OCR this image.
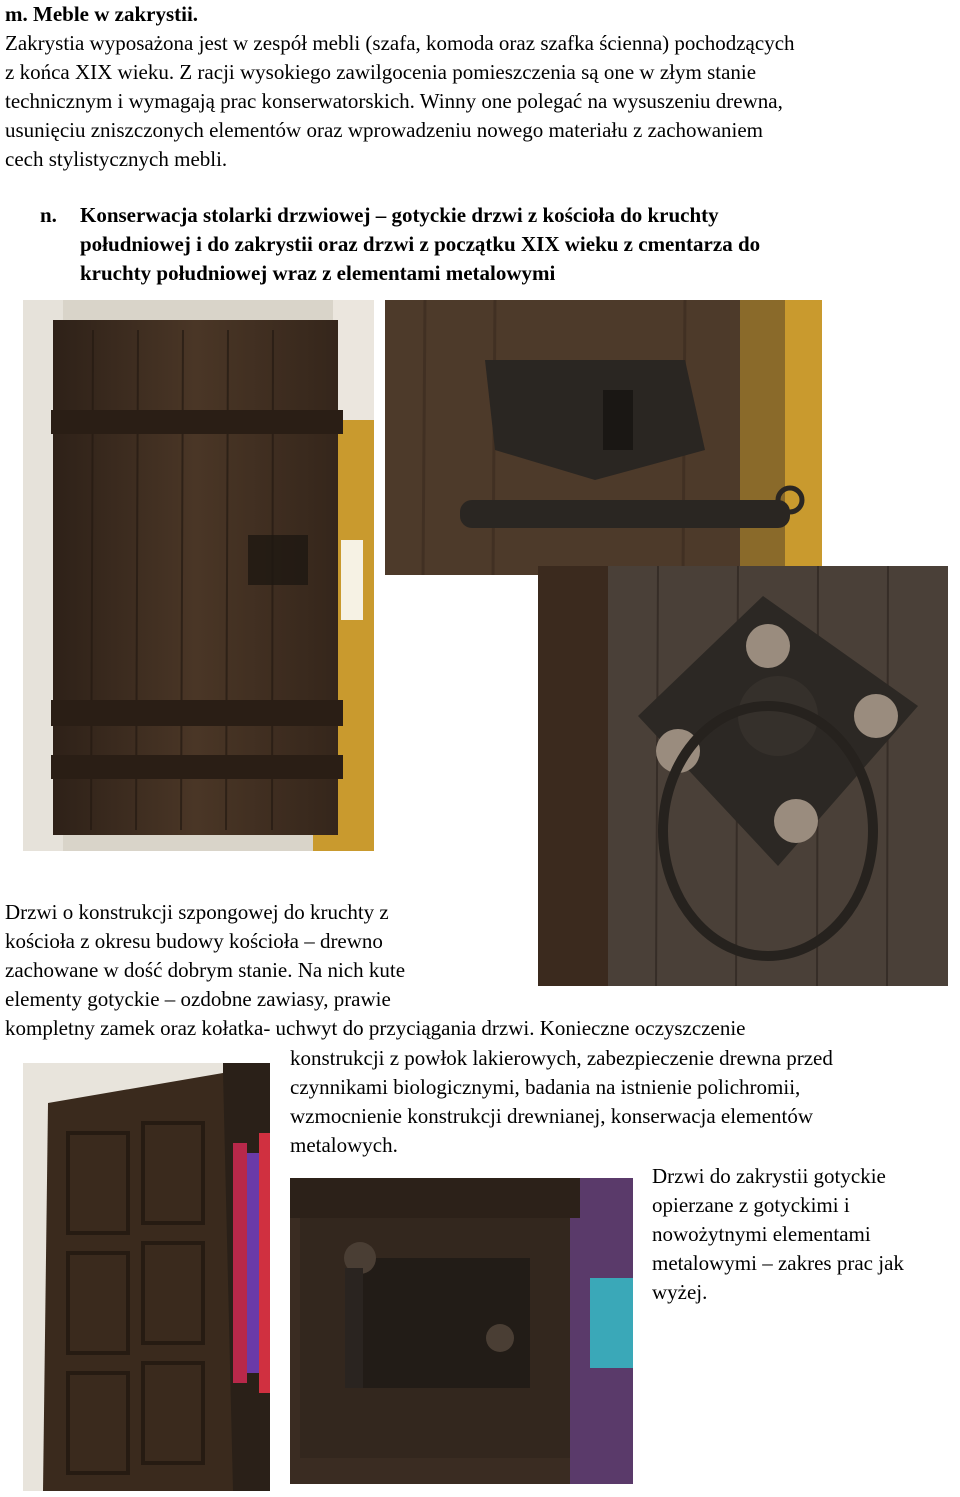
m. Meble w zakrystii.
Zakrystia wyposażona jest w zespół mebli (szafa, komoda oraz szafka ścienna) pochodzących
z końca XIX wieku. Z racji wysokiego zawilgocenia pomieszczenia są one w złym stanie
technicznym i wymagają prac konserwatorskich. Winny one polegać na wysuszeniu drewna,
usunięciu zniszczonych elementów oraz wprowadzeniu nowego materiału z zachowaniem
cech stylistycznych mebli.
n. Konserwacja stolarki drzwiowej – gotyckie drzwi z kościoła do kruchty
południowej i do zakrystii oraz drzwi z początku XIX wieku z cmentarza do
kruchty południowej wraz z elementami metalowymi
Drzwi o konstrukcji szpongowej do kruchty z
kościoła z okresu budowy kościoła – drewno
zachowane w dość dobrym stanie. Na nich kute
elementy gotyckie – ozdobne zawiasy, prawie
kompletny zamek oraz kołatka- uchwyt do przyciągania drzwi. Konieczne oczyszczenie
konstrukcji z powłok lakierowych, zabezpieczenie drewna przed
czynnikami biologicznymi, badania na istnienie polichromii,
wzmocnienie konstrukcji drewnianej, konserwacja elementów
metalowych.
Drzwi do zakrystii gotyckie
opierzane z gotyckimi i
nowożytnymi elementami
metalowymi – zakres prac jak
wyżej.
